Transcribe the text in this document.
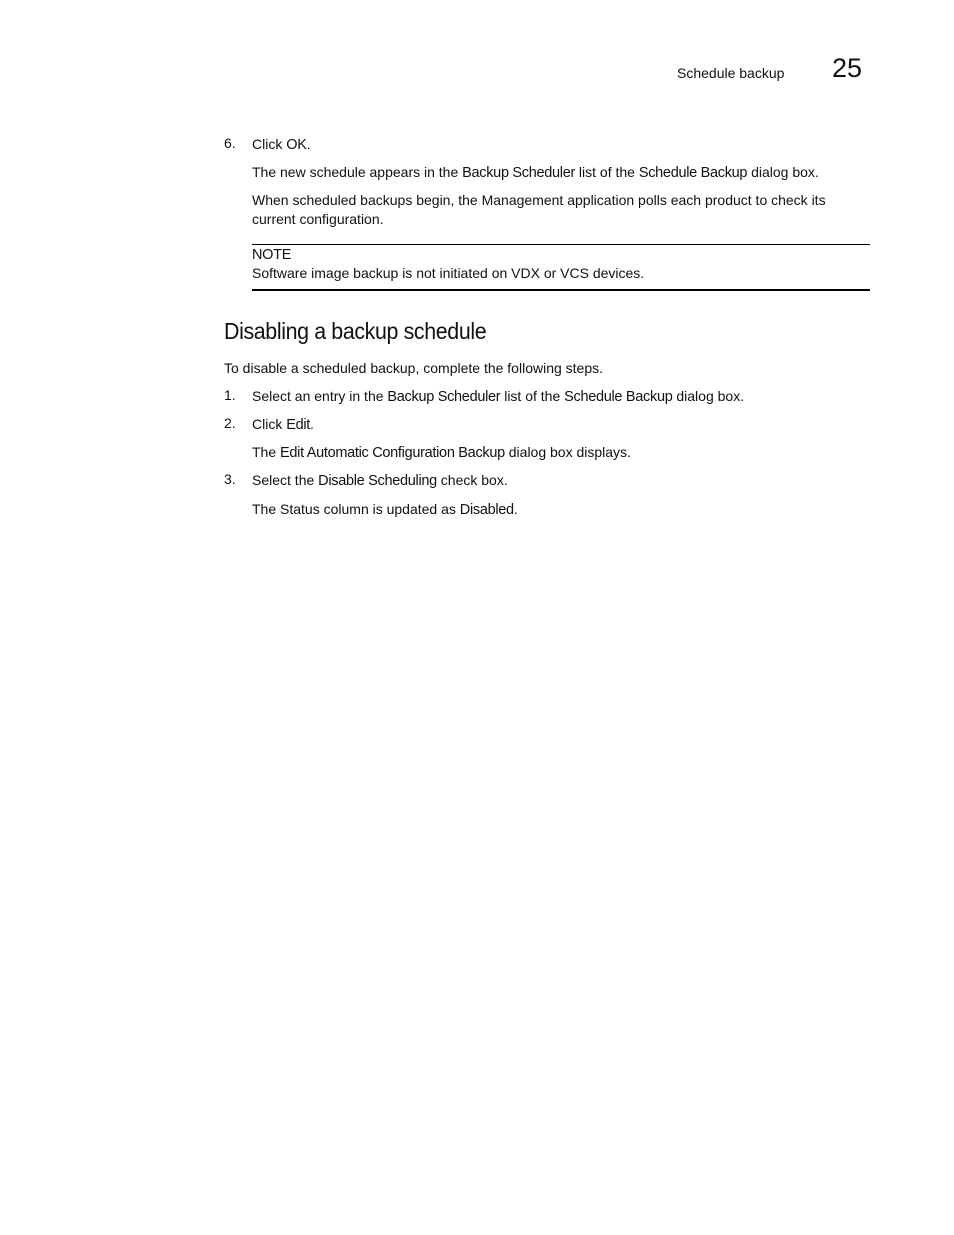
Schedule backup 25
6. Click OK.
The new schedule appears in the Backup Scheduler list of the Schedule Backup dialog box.
When scheduled backups begin, the Management application polls each product to check its
current configuration.
NOTE
Software image backup is not initiated on VDX or VCS devices.
Disabling a backup schedule
To disable a scheduled backup, complete the following steps.
1. Select an entry in the Backup Scheduler list of the Schedule Backup dialog box.
2. Click Edit.
The Edit Automatic Configuration Backup dialog box displays.
3. Select the Disable Scheduling check box.
The Status column is updated as Disabled.
